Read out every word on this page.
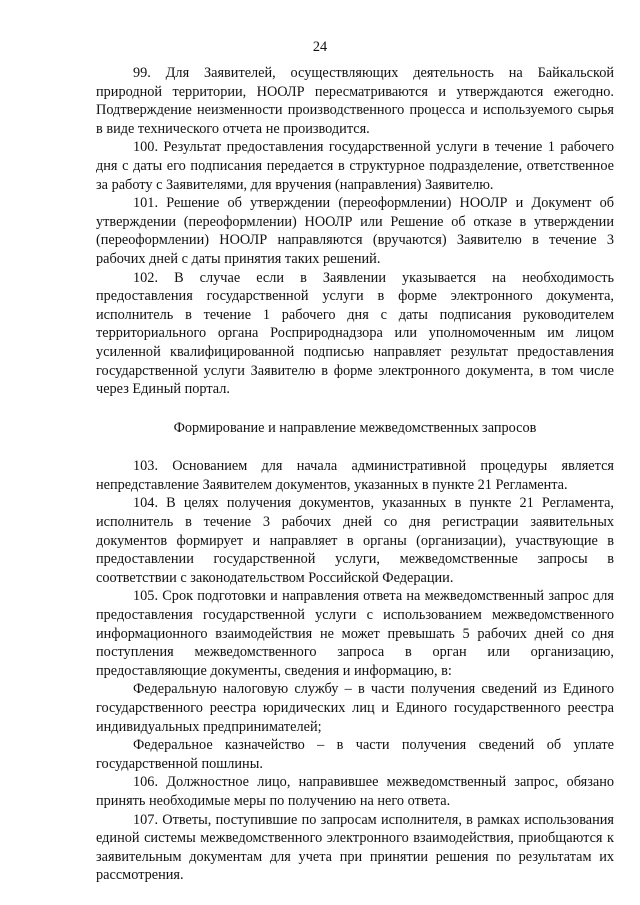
24

99. Для Заявителей, осуществляющих деятельность на Байкальской природной территории, НООЛР пересматриваются и утверждаются ежегодно. Подтверждение неизменности производственного процесса и используемого сырья в виде технического отчета не производится.

100. Результат предоставления государственной услуги в течение 1 рабочего дня с даты его подписания передается в структурное подразделение, ответственное за работу с Заявителями, для вручения (направления) Заявителю.

101. Решение об утверждении (переоформлении) НООЛР и Документ об утверждении (переоформлении) НООЛР или Решение об отказе в утверждении (переоформлении) НООЛР направляются (вручаются) Заявителю в течение 3 рабочих дней с даты принятия таких решений.

102. В случае если в Заявлении указывается на необходимость предоставления государственной услуги в форме электронного документа, исполнитель в течение 1 рабочего дня с даты подписания руководителем территориального органа Росприроднадзора или уполномоченным им лицом усиленной квалифицированной подписью направляет результат предоставления государственной услуги Заявителю в форме электронного документа, в том числе через Единый портал.

Формирование и направление межведомственных запросов

103. Основанием для начала административной процедуры является непредставление Заявителем документов, указанных в пункте 21 Регламента.

104. В целях получения документов, указанных в пункте 21 Регламента, исполнитель в течение 3 рабочих дней со дня регистрации заявительных документов формирует и направляет в органы (организации), участвующие в предоставлении государственной услуги, межведомственные запросы в соответствии с законодательством Российской Федерации.

105. Срок подготовки и направления ответа на межведомственный запрос для предоставления государственной услуги с использованием межведомственного информационного взаимодействия не может превышать 5 рабочих дней со дня поступления межведомственного запроса в орган или организацию, предоставляющие документы, сведения и информацию, в:

Федеральную налоговую службу – в части получения сведений из Единого государственного реестра юридических лиц и Единого государственного реестра индивидуальных предпринимателей;

Федеральное казначейство – в части получения сведений об уплате государственной пошлины.

106. Должностное лицо, направившее межведомственный запрос, обязано принять необходимые меры по получению на него ответа.

107. Ответы, поступившие по запросам исполнителя, в рамках использования единой системы межведомственного электронного взаимодействия, приобщаются к заявительным документам для учета при принятии решения по результатам их рассмотрения.
